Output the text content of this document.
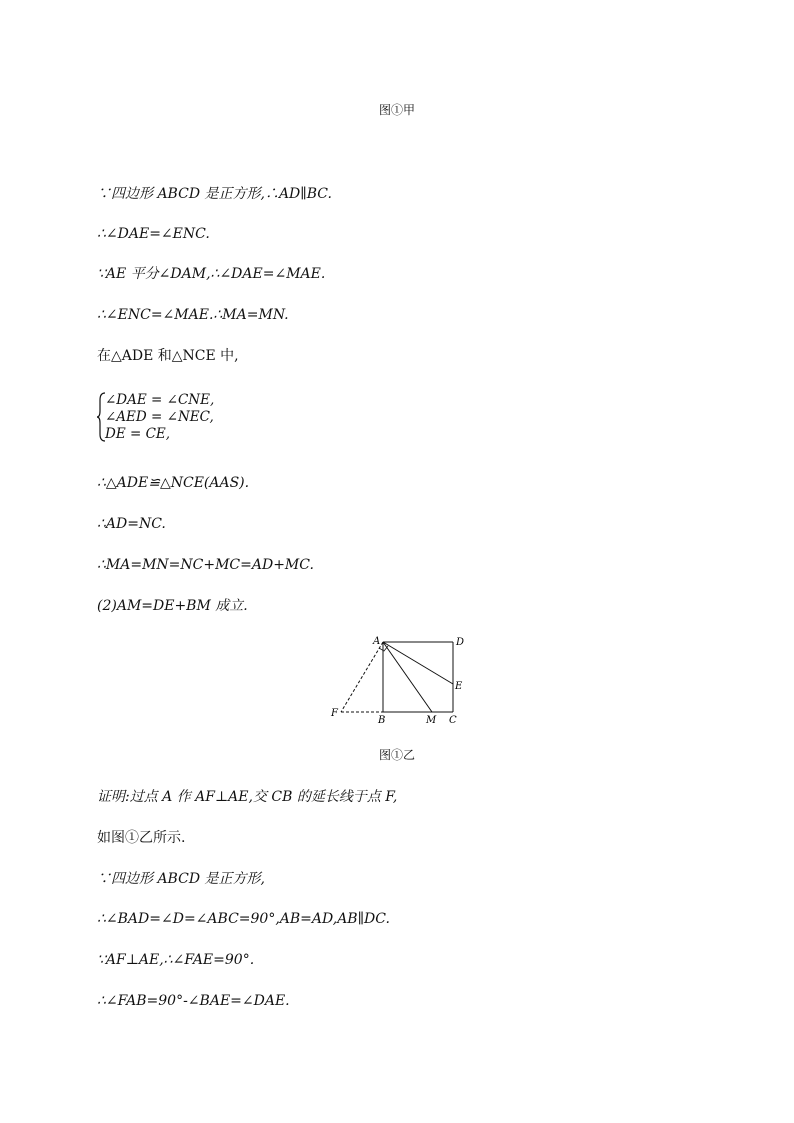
图①甲
∵四边形 ABCD 是正方形,∴AD∥BC.
∴∠DAE=∠ENC.
∵AE 平分∠DAM,∴∠DAE=∠MAE.
∴∠ENC=∠MAE.∴MA=MN.
在△ADE 和△NCE 中,
∠DAE = ∠CNE,
∠AED = ∠NEC,
DE = CE,
∴△ADE≌△NCE(AAS).
∴AD=NC.
∴MA=MN=NC+MC=AD+MC.
(2)AM=DE+BM 成立.
A	D
E
F
B	M C
图①乙
证明:过点 A 作 AF⊥AE,交 CB 的延长线于点 F,
如图①乙所示.
∵四边形 ABCD 是正方形,
∴∠BAD=∠D=∠ABC=90°,AB=AD,AB∥DC.
∵AF⊥AE,∴∠FAE=90°.
∴∠FAB=90°-∠BAE=∠DAE.
